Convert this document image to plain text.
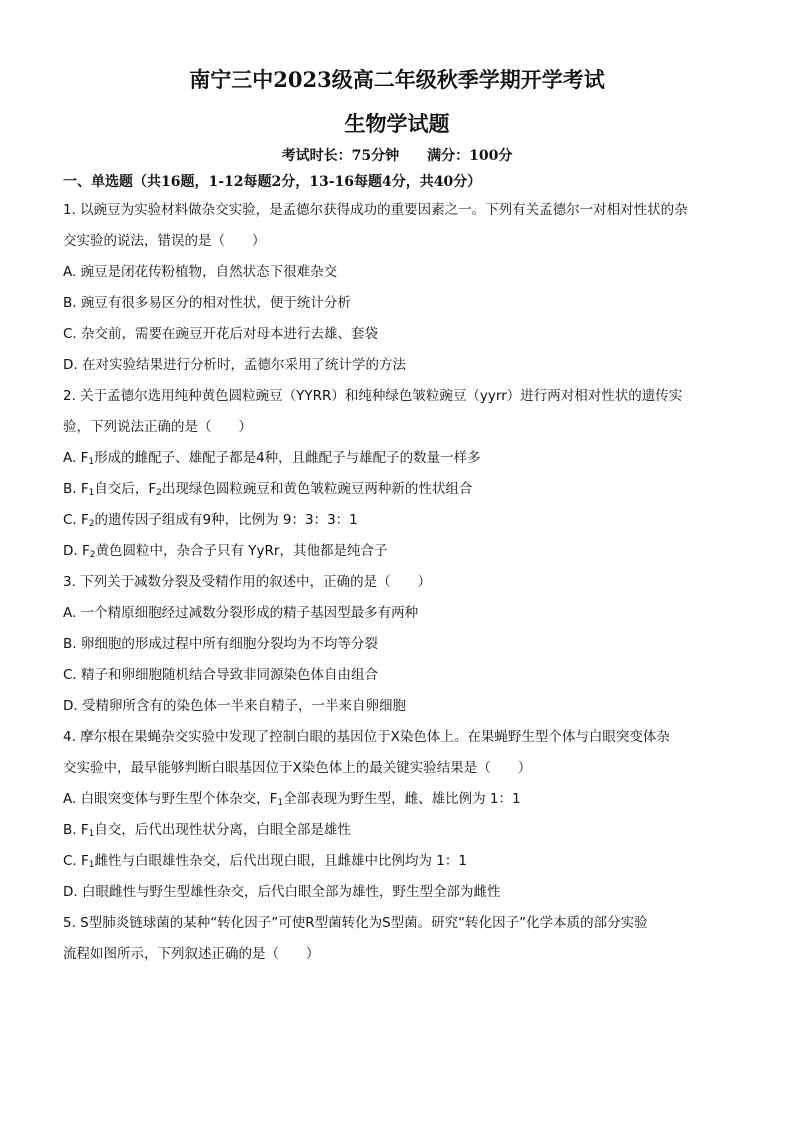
南宁三中2023级高二年级秋季学期开学考试
生物学试题
考试时长：75分钟 满分：100分
一、单选题（共16题，1-12每题2分，13-16每题4分，共40分）
1. 以豌豆为实验材料做杂交实验，是孟德尔获得成功的重要因素之一。下列有关孟德尔一对相对性状的杂
交实验的说法，错误的是（　　）
A. 豌豆是闭花传粉植物，自然状态下很难杂交
B. 豌豆有很多易区分的相对性状，便于统计分析
C. 杂交前，需要在豌豆开花后对母本进行去雄、套袋
D. 在对实验结果进行分析时，孟德尔采用了统计学的方法
2. 关于孟德尔选用纯种黄色圆粒豌豆（YYRR）和纯种绿色皱粒豌豆（yyrr）进行两对相对性状的遗传实
验，下列说法正确的是（　　）
A. $F_1$形成的雌配子、雄配子都是4种，且雌配子与雄配子的数量一样多
B. $F_1$自交后，$F_2$出现绿色圆粒豌豆和黄色皱粒豌豆两种新的性状组合
C. $F_2$的遗传因子组成有9种，比例为 9：3：3：1
D. $F_2$黄色圆粒中，杂合子只有 YyRr，其他都是纯合子
3. 下列关于减数分裂及受精作用的叙述中，正确的是（　　）
A. 一个精原细胞经过减数分裂形成的精子基因型最多有两种
B. 卵细胞的形成过程中所有细胞分裂均为不均等分裂
C. 精子和卵细胞随机结合导致非同源染色体自由组合
D. 受精卵所含有的染色体一半来自精子，一半来自卵细胞
4. 摩尔根在果蝇杂交实验中发现了控制白眼的基因位于X染色体上。在果蝇野生型个体与白眼突变体杂
交实验中，最早能够判断白眼基因位于X染色体上的最关键实验结果是（　　）
A. 白眼突变体与野生型个体杂交，$F_1$全部表现为野生型，雌、雄比例为 1：1
B. $F_1$自交，后代出现性状分离，白眼全部是雄性
C. $F_1$雌性与白眼雄性杂交，后代出现白眼，且雌雄中比例均为 1：1
D. 白眼雌性与野生型雄性杂交，后代白眼全部为雄性，野生型全部为雌性
5. S型肺炎链球菌的某种“转化因子”可使R型菌转化为S型菌。研究“转化因子”化学本质的部分实验
流程如图所示，下列叙述正确的是（　　）
